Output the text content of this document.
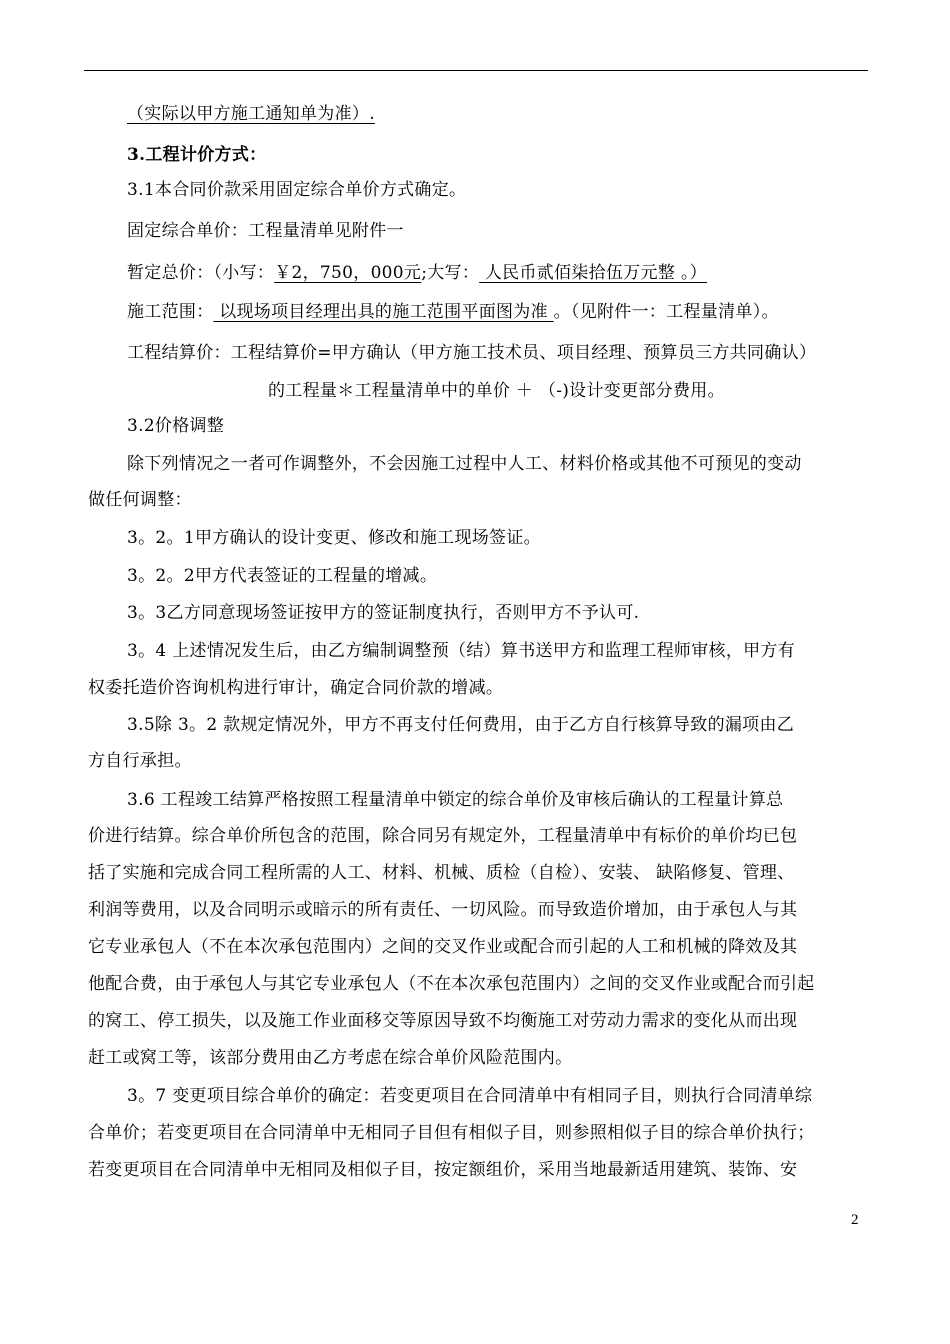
（实际以甲方施工通知单为准）.
3.工程计价方式：
3.1本合同价款采用固定综合单价方式确定。
固定综合单价：工程量清单见附件一
暂定总价：（小写：￥2，750，000元;大写： 人民币贰佰柒拾伍万元整 。）
施工范围： 以现场项目经理出具的施工范围平面图为准 。（见附件一：工程量清单）。
工程结算价：工程结算价=甲方确认（甲方施工技术员、项目经理、预算员三方共同确认）
的工程量＊工程量清单中的单价 ＋ （-)设计变更部分费用。
3.2价格调整
除下列情况之一者可作调整外，不会因施工过程中人工、材料价格或其他不可预见的变动
做任何调整：
3。2。1甲方确认的设计变更、修改和施工现场签证。
3。2。2甲方代表签证的工程量的增减。
3。3乙方同意现场签证按甲方的签证制度执行，否则甲方不予认可.
3。4 上述情况发生后，由乙方编制调整预（结）算书送甲方和监理工程师审核，甲方有
权委托造价咨询机构进行审计，确定合同价款的增减。
3.5除 3。2 款规定情况外，甲方不再支付任何费用，由于乙方自行核算导致的漏项由乙
方自行承担。
3.6 工程竣工结算严格按照工程量清单中锁定的综合单价及审核后确认的工程量计算总
价进行结算。综合单价所包含的范围，除合同另有规定外，工程量清单中有标价的单价均已包
括了实施和完成合同工程所需的人工、材料、机械、质检（自检）、安装、 缺陷修复、管理、
利润等费用，以及合同明示或暗示的所有责任、一切风险。而导致造价增加，由于承包人与其
它专业承包人（不在本次承包范围内）之间的交叉作业或配合而引起的人工和机械的降效及其
他配合费，由于承包人与其它专业承包人（不在本次承包范围内）之间的交叉作业或配合而引起
的窝工、停工损失，以及施工作业面移交等原因导致不均衡施工对劳动力需求的变化从而出现
赶工或窝工等，该部分费用由乙方考虑在综合单价风险范围内。
3。7 变更项目综合单价的确定：若变更项目在合同清单中有相同子目，则执行合同清单综
合单价；若变更项目在合同清单中无相同子目但有相似子目，则参照相似子目的综合单价执行；
若变更项目在合同清单中无相同及相似子目，按定额组价，采用当地最新适用建筑、装饰、安
2
